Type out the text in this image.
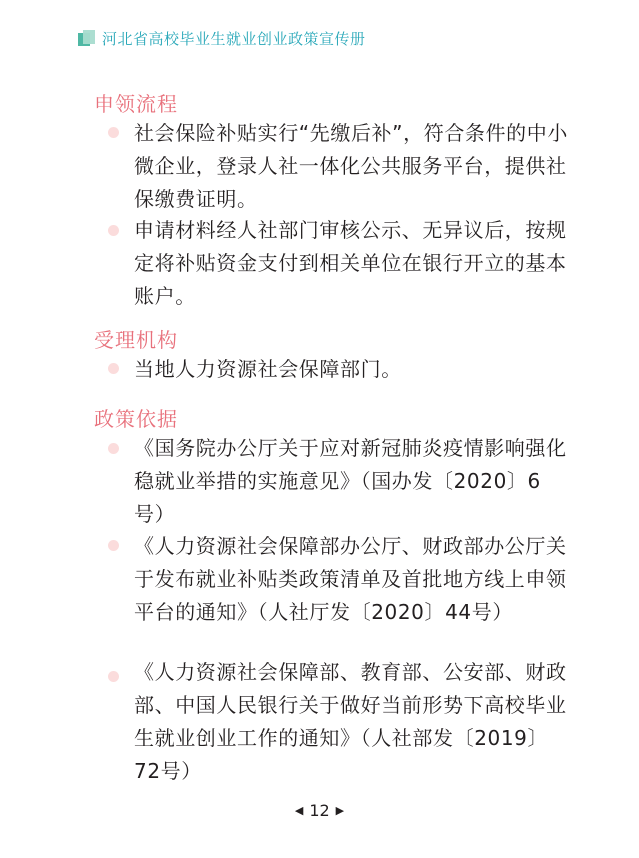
河北省高校毕业生就业创业政策宣传册
申领流程
社会保险补贴实行“先缴后补”，符合条件的中小微企业，登录人社一体化公共服务平台，提供社保缴费证明。
申请材料经人社部门审核公示、无异议后，按规定将补贴资金支付到相关单位在银行开立的基本账户。
受理机构
当地人力资源社会保障部门。
政策依据
《国务院办公厅关于应对新冠肺炎疫情影响强化稳就业举措的实施意见》（国办发〔2020〕6号）
《人力资源社会保障部办公厅、财政部办公厅关于发布就业补贴类政策清单及首批地方线上申领平台的通知》（人社厅发〔2020〕44号）
《人力资源社会保障部、教育部、公安部、财政部、中国人民银行关于做好当前形势下高校毕业生就业创业工作的通知》（人社部发〔2019〕72号）
◀ 12 ▶
